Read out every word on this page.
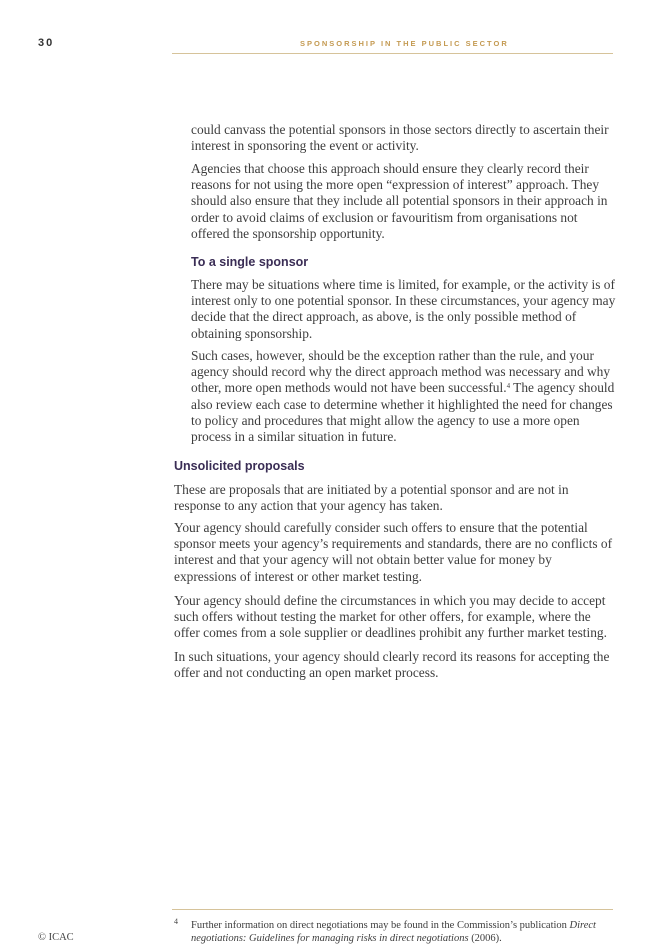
30	SPONSORSHIP IN THE PUBLIC SECTOR

could canvass the potential sponsors in those sectors directly to ascertain their interest in sponsoring the event or activity.

Agencies that choose this approach should ensure they clearly record their reasons for not using the more open “expression of interest” approach. They should also ensure that they include all potential sponsors in their approach in order to avoid claims of exclusion or favouritism from organisations not offered the sponsorship opportunity.

To a single sponsor

There may be situations where time is limited, for example, or the activity is of interest only to one potential sponsor. In these circumstances, your agency may decide that the direct approach, as above, is the only possible method of obtaining sponsorship.

Such cases, however, should be the exception rather than the rule, and your agency should record why the direct approach method was necessary and why other, more open methods would not have been successful.$^4$ The agency should also review each case to determine whether it highlighted the need for changes to policy and procedures that might allow the agency to use a more open process in a similar situation in future.

Unsolicited proposals

These are proposals that are initiated by a potential sponsor and are not in response to any action that your agency has taken.

Your agency should carefully consider such offers to ensure that the potential sponsor meets your agency’s requirements and standards, there are no conflicts of interest and that your agency will not obtain better value for money by expressions of interest or other market testing.

Your agency should define the circumstances in which you may decide to accept such offers without testing the market for other offers, for example, where the offer comes from a sole supplier or deadlines prohibit any further market testing.

In such situations, your agency should clearly record its reasons for accepting the offer and not conducting an open market process.

4 Further information on direct negotiations may be found in the Commission’s publication Direct negotiations: Guidelines for managing risks in direct negotiations (2006).

© ICAC
